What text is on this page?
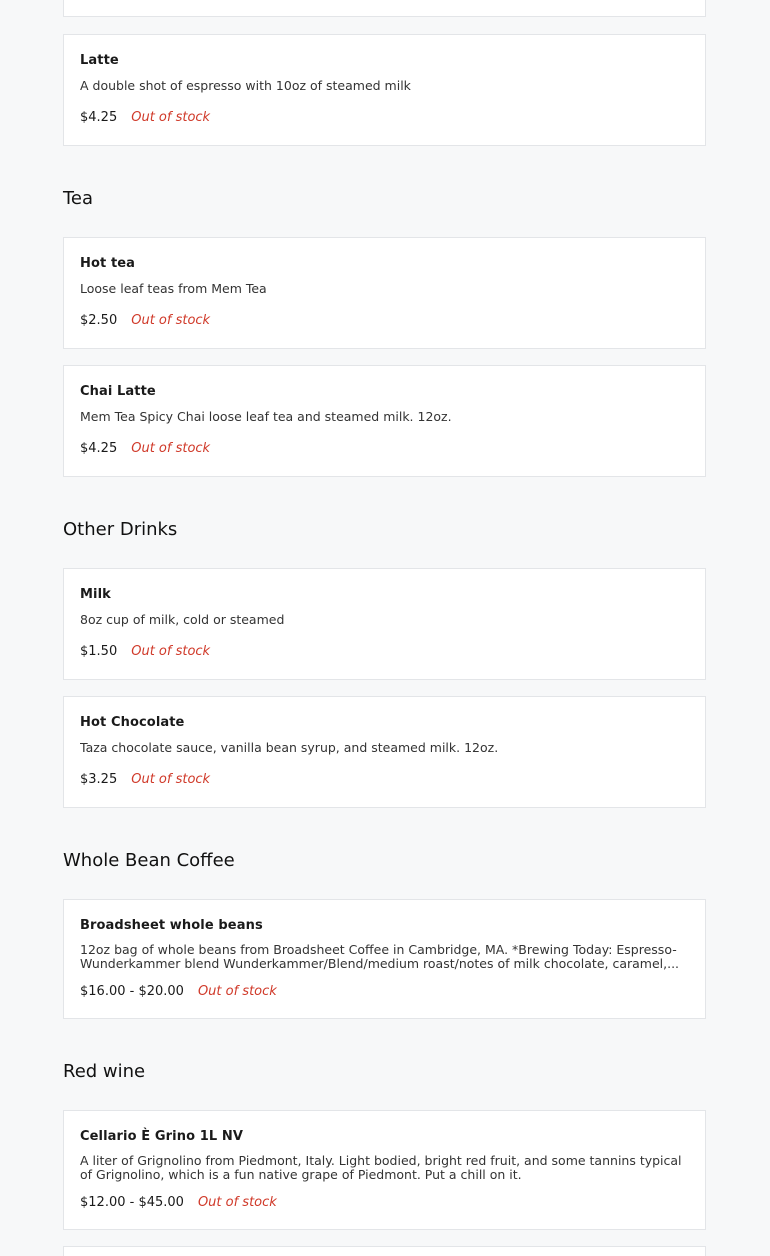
Latte
A double shot of espresso with 10oz of steamed milk
$4.25 Out of stock
Tea
Hot tea
Loose leaf teas from Mem Tea
$2.50 Out of stock
Chai Latte
Mem Tea Spicy Chai loose leaf tea and steamed milk. 12oz.
$4.25 Out of stock
Other Drinks
Milk
8oz cup of milk, cold or steamed
$1.50 Out of stock
Hot Chocolate
Taza chocolate sauce, vanilla bean syrup, and steamed milk. 12oz.
$3.25 Out of stock
Whole Bean Coffee
Broadsheet whole beans
12oz bag of whole beans from Broadsheet Coffee in Cambridge, MA. *Brewing Today: Espresso- Wunderkammer blend Wunderkammer/Blend/medium roast/notes of milk chocolate, caramel,...
$16.00 - $20.00 Out of stock
Red wine
Cellario È Grino 1L NV
A liter of Grignolino from Piedmont, Italy. Light bodied, bright red fruit, and some tannins typical of Grignolino, which is a fun native grape of Piedmont. Put a chill on it.
$12.00 - $45.00 Out of stock
